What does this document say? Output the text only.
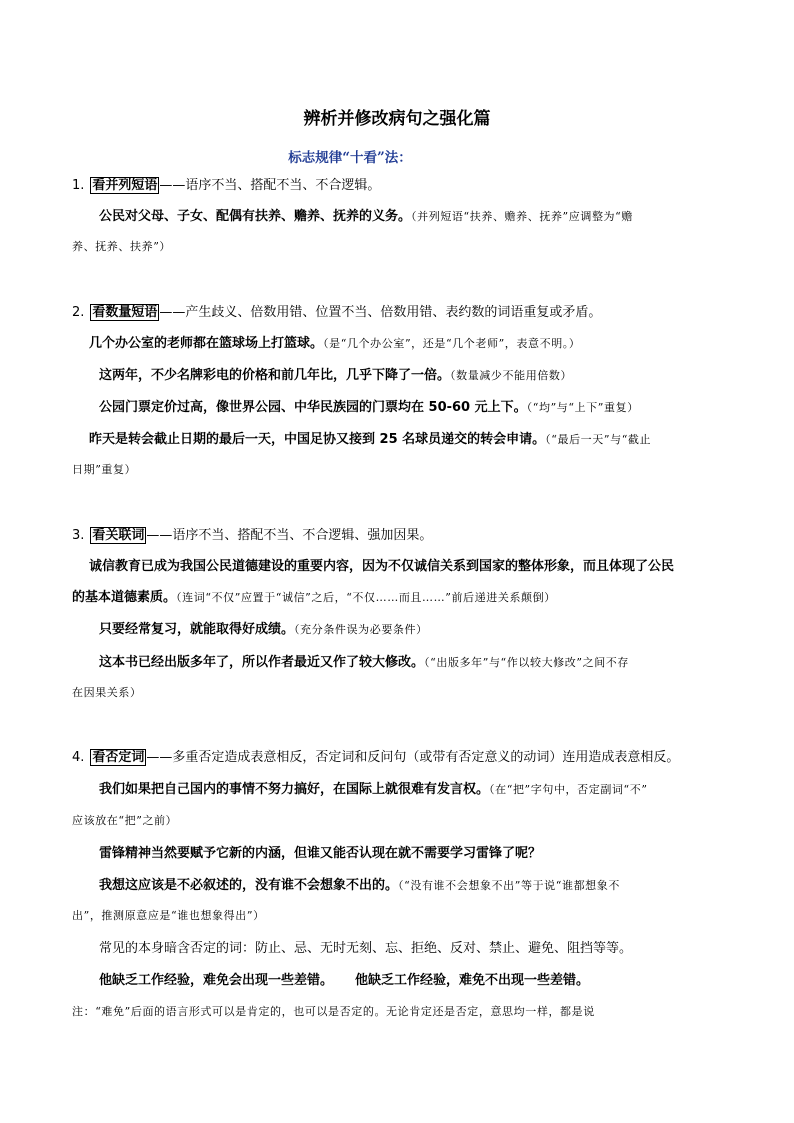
辨析并修改病句之强化篇
标志规律“十看”法：
1. 看并列短语 ——语序不当、搭配不当、不合逻辑。
公民对父母、子女、配偶有扶养、赡养、抚养的义务。（并列短语“扶养、赡养、抚养”应调整为“赡
养、抚养、扶养”）
2. 看数量短语 ——产生歧义、倍数用错、位置不当、倍数用错、表约数的词语重复或矛盾。
几个办公室的老师都在篮球场上打篮球。（是“几个办公室”，还是“几个老师”，表意不明。）
这两年，不少名牌彩电的价格和前几年比，几乎下降了一倍。（数量减少不能用倍数）
公园门票定价过高，像世界公园、中华民族园的门票均在 50-60 元上下。（“均”与“上下”重复）
昨天是转会截止日期的最后一天，中国足协又接到 25 名球员递交的转会申请。（“最后一天”与“截止
日期”重复）
3. 看关联词 ——语序不当、搭配不当、不合逻辑、强加因果。
诚信教育已成为我国公民道德建设的重要内容，因为不仅诚信关系到国家的整体形象，而且体现了公民
的基本道德素质。（连词“不仅”应置于“诚信”之后，“不仅……而且……”前后递进关系颠倒）
只要经常复习，就能取得好成绩。（充分条件误为必要条件）
这本书已经出版多年了，所以作者最近又作了较大修改。（“出版多年”与“作以较大修改”之间不存
在因果关系）
4. 看否定词 ——多重否定造成表意相反，否定词和反问句（或带有否定意义的动词）连用造成表意相反。
我们如果把自己国内的事情不努力搞好，在国际上就很难有发言权。（在“把”字句中，否定副词“不”
应该放在“把”之前）
雷锋精神当然要赋予它新的内涵，但谁又能否认现在就不需要学习雷锋了呢？
我想这应该是不必叙述的，没有谁不会想象不出的。（“没有谁不会想象不出”等于说“谁都想象不
出”，推测原意应是“谁也想象得出”）
常见的本身暗含否定的词：防止、忌、无时无刻、忘、拒绝、反对、禁止、避免、阻挡等等。
他缺乏工作经验，难免会出现一些差错。 他缺乏工作经验，难免不出现一些差错。
注：“难免”后面的语言形式可以是肯定的，也可以是否定的。无论肯定还是否定，意思均一样，都是说
